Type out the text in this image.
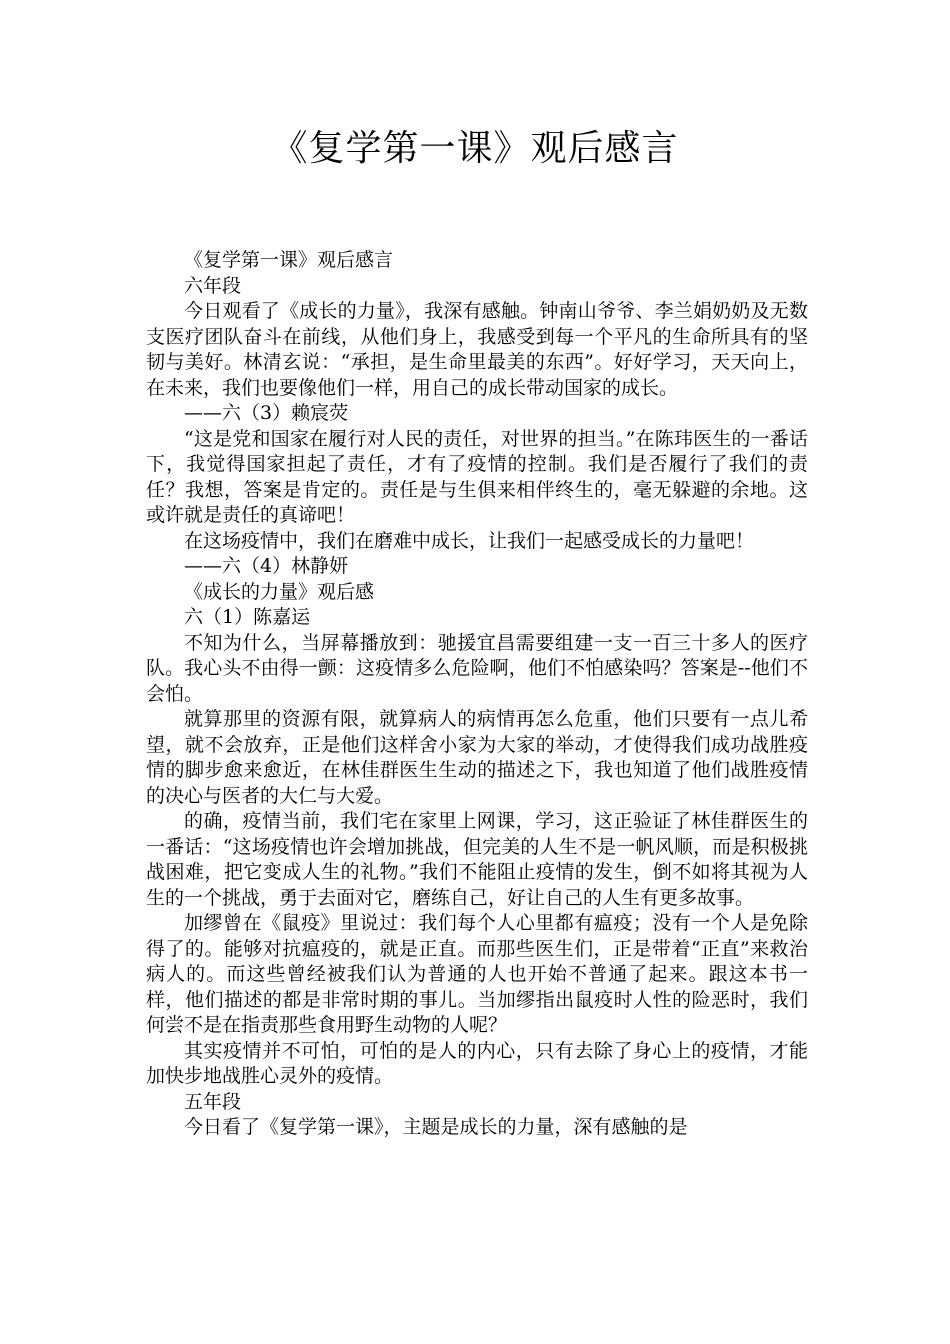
《复学第一课》观后感言

《复学第一课》观后感言

六年段

今日观看了《成长的力量》，我深有感触。钟南山爷爷、李兰娟奶奶及无数支医疗团队奋斗在前线，从他们身上，我感受到每一个平凡的生命所具有的坚韧与美好。林清玄说：“承担，是生命里最美的东西”。好好学习，天天向上，在未来，我们也要像他们一样，用自己的成长带动国家的成长。

——六（3）赖宸荧

“这是党和国家在履行对人民的责任，对世界的担当。”在陈玮医生的一番话下，我觉得国家担起了责任，才有了疫情的控制。我们是否履行了我们的责任？我想，答案是肯定的。责任是与生俱来相伴终生的，毫无躲避的余地。这或许就是责任的真谛吧！

在这场疫情中，我们在磨难中成长，让我们一起感受成长的力量吧！

——六（4）林静妍

《成长的力量》观后感

六（1）陈嘉运

不知为什么，当屏幕播放到：驰援宜昌需要组建一支一百三十多人的医疗队。我心头不由得一颤：这疫情多么危险啊，他们不怕感染吗？答案是--他们不会怕。

就算那里的资源有限，就算病人的病情再怎么危重，他们只要有一点儿希望，就不会放弃，正是他们这样舍小家为大家的举动，才使得我们成功战胜疫情的脚步愈来愈近，在林佳群医生生动的描述之下，我也知道了他们战胜疫情的决心与医者的大仁与大爱。

的确，疫情当前，我们宅在家里上网课，学习，这正验证了林佳群医生的一番话：“这场疫情也许会增加挑战，但完美的人生不是一帆风顺，而是积极挑战困难，把它变成人生的礼物。”我们不能阻止疫情的发生，倒不如将其视为人生的一个挑战，勇于去面对它，磨练自己，好让自己的人生有更多故事。

加缪曾在《鼠疫》里说过：我们每个人心里都有瘟疫；没有一个人是免除得了的。能够对抗瘟疫的，就是正直。而那些医生们，正是带着“正直”来救治病人的。而这些曾经被我们认为普通的人也开始不普通了起来。跟这本书一样，他们描述的都是非常时期的事儿。当加缪指出鼠疫时人性的险恶时，我们何尝不是在指责那些食用野生动物的人呢？

其实疫情并不可怕，可怕的是人的内心，只有去除了身心上的疫情，才能加快步地战胜心灵外的疫情。

五年段

今日看了《复学第一课》，主题是成长的力量，深有感触的是
